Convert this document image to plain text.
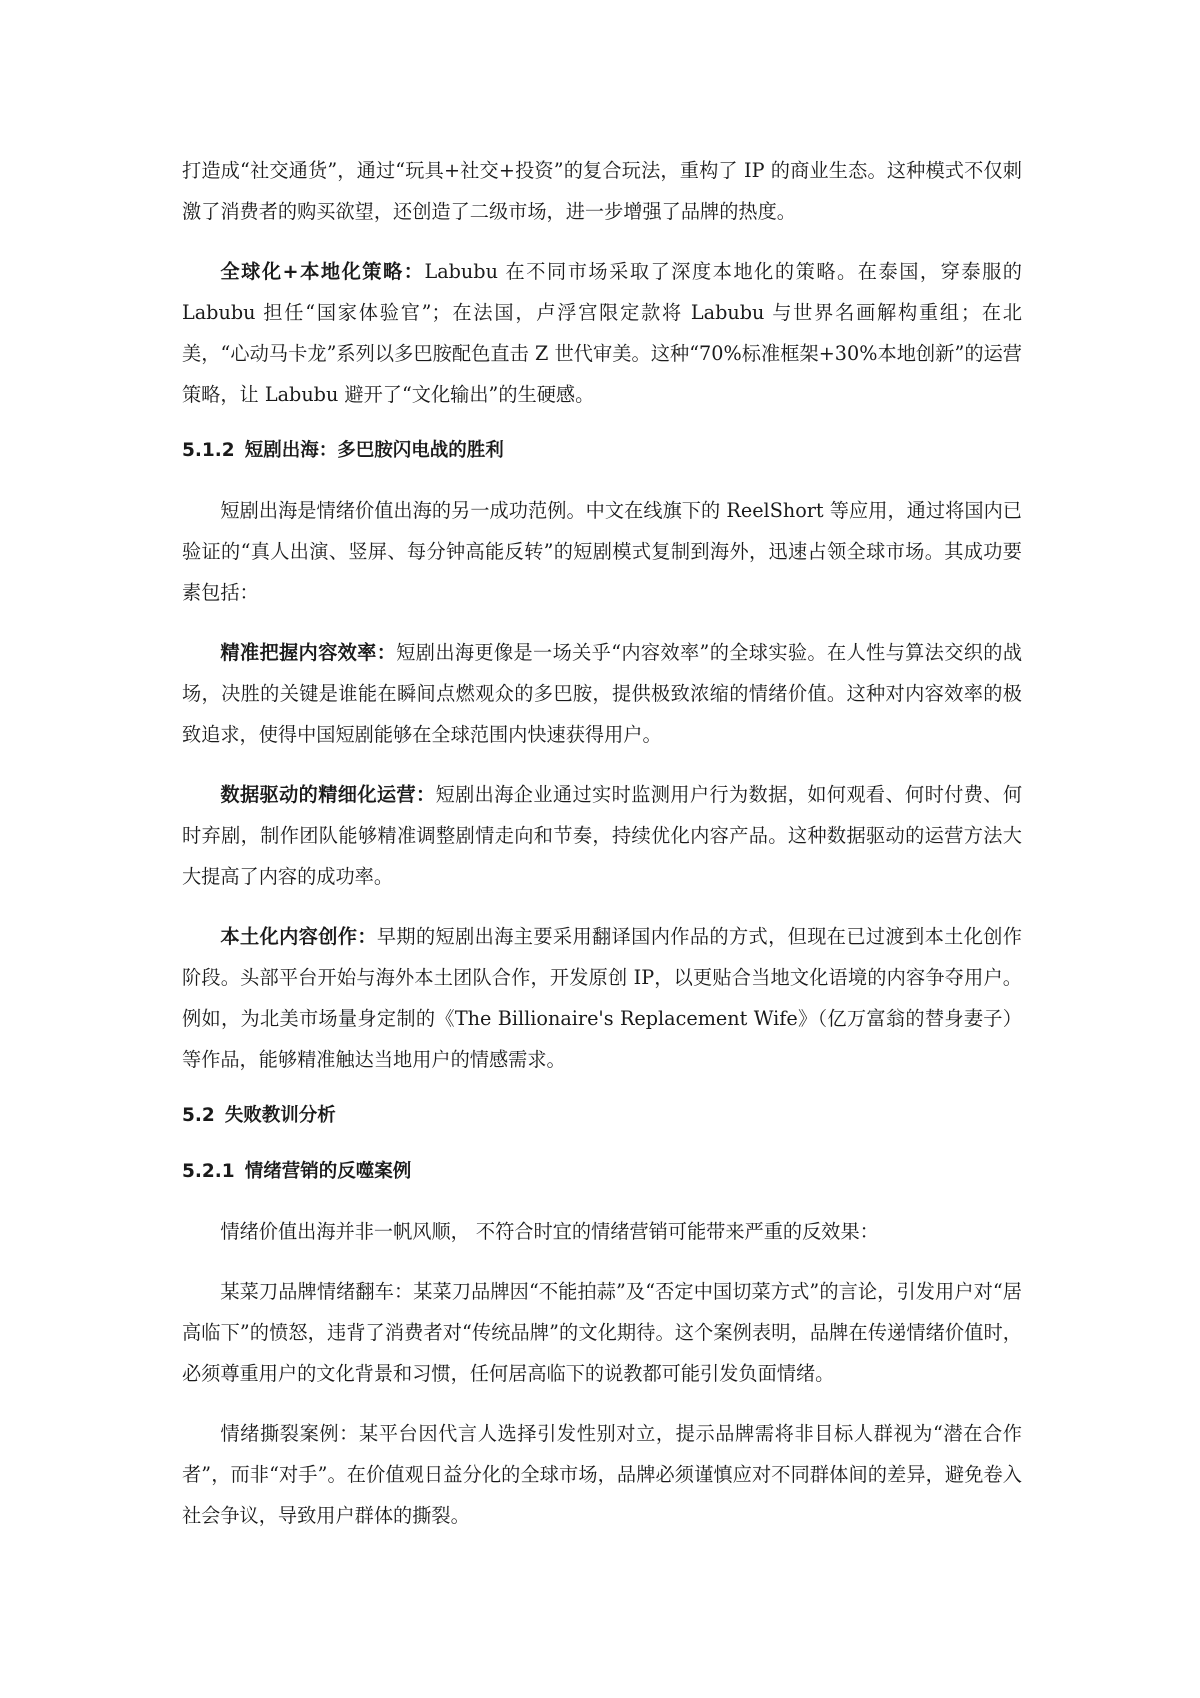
打造成“社交通货”，通过“玩具+社交+投资”的复合玩法，重构了 IP 的商业生态。这种模式不仅刺激了消费者的购买欲望，还创造了二级市场，进一步增强了品牌的热度。

全球化+本地化策略：Labubu 在不同市场采取了深度本地化的策略。在泰国，穿泰服的 Labubu 担任“国家体验官”；在法国，卢浮宫限定款将 Labubu 与世界名画解构重组；在北美，“心动马卡龙”系列以多巴胺配色直击 Z 世代审美。这种“70%标准框架+30%本地创新”的运营策略，让 Labubu 避开了“文化输出”的生硬感。

5.1.2 短剧出海：多巴胺闪电战的胜利

短剧出海是情绪价值出海的另一成功范例。中文在线旗下的 ReelShort 等应用，通过将国内已验证的“真人出演、竖屏、每分钟高能反转”的短剧模式复制到海外，迅速占领全球市场。其成功要素包括：

精准把握内容效率：短剧出海更像是一场关乎“内容效率”的全球实验。在人性与算法交织的战场，决胜的关键是谁能在瞬间点燃观众的多巴胺，提供极致浓缩的情绪价值。这种对内容效率的极致追求，使得中国短剧能够在全球范围内快速获得用户。

数据驱动的精细化运营：短剧出海企业通过实时监测用户行为数据，如何观看、何时付费、何时弃剧，制作团队能够精准调整剧情走向和节奏，持续优化内容产品。这种数据驱动的运营方法大大提高了内容的成功率。

本土化内容创作：早期的短剧出海主要采用翻译国内作品的方式，但现在已过渡到本土化创作阶段。头部平台开始与海外本土团队合作，开发原创 IP，以更贴合当地文化语境的内容争夺用户。例如，为北美市场量身定制的《The Billionaire's Replacement Wife》（亿万富翁的替身妻子）等作品，能够精准触达当地用户的情感需求。

5.2 失败教训分析
5.2.1 情绪营销的反噬案例

情绪价值出海并非一帆风顺， 不符合时宜的情绪营销可能带来严重的反效果：

某菜刀品牌情绪翻车：某菜刀品牌因“不能拍蒜”及“否定中国切菜方式”的言论，引发用户对“居高临下”的愤怒，违背了消费者对“传统品牌”的文化期待。这个案例表明，品牌在传递情绪价值时，必须尊重用户的文化背景和习惯，任何居高临下的说教都可能引发负面情绪。

情绪撕裂案例：某平台因代言人选择引发性别对立，提示品牌需将非目标人群视为“潜在合作者”，而非“对手”。在价值观日益分化的全球市场，品牌必须谨慎应对不同群体间的差异，避免卷入社会争议，导致用户群体的撕裂。
